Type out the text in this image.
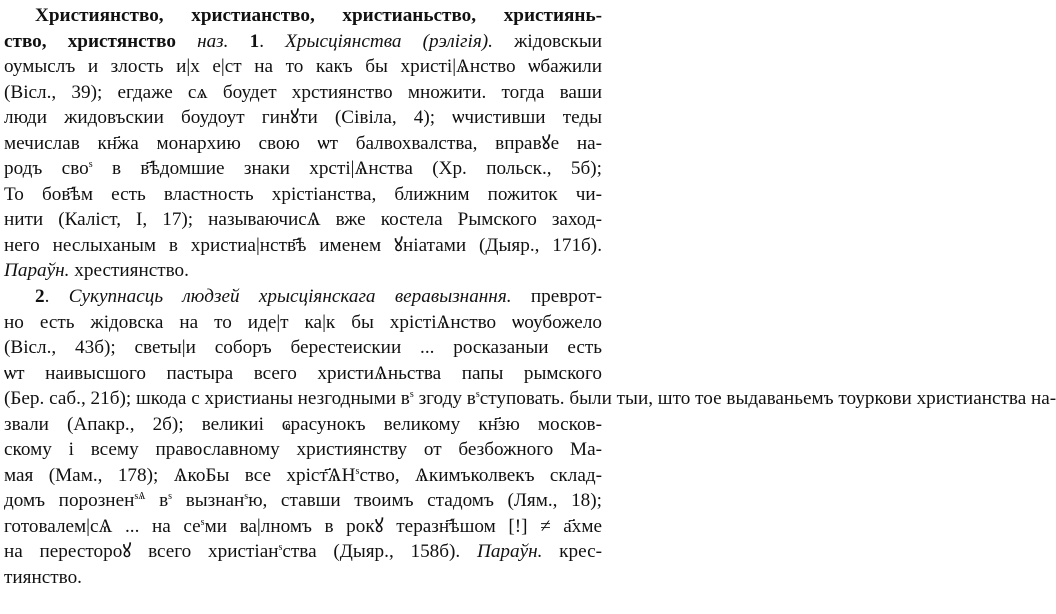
Християнство, христианство, христианьство, християнь-
ство, христянство наз. 1. Хрысціянства (рэлігія). жідовскыи
оумыслъ и злость и|х е|ст на то какъ бы христі|Ѧнство ѡбажили
(Вісл., 39); егдаже сѧ боудет хрстиянство множити. тогда ваши
люди жидовъскии боудоут гинꙋти (Сівіла, 4); ѡчистивши теды
мечислав кн҃жа монархию свою ѡт балвохвалства, вправꙋе на-
родъ сво$^s$ в в҃ѣдомшие знаки хрсті|Ѧнства (Хр. польск., 5б);
То бов҃ѣм есть властность хрістіанства, ближним пожиток чи-
нити (Каліст, I, 17); называючисѦ вже костела Рымского заход-
него неслыханым в христиа|нств҃ѣ именем ꙋніатами (Дыяр., 171б).
Параўн. хрестиянство.
2. Сукупнасць людзей хрысціянскага веравызнання. преврот-
но есть жідовска на то иде|т ка|к бы хрістіѦнство ѡоубожело
(Вісл., 43б); светы|и соборъ берестеискии ... росказаныи есть
ѡт наивысшого пастыра всего христиѦньства папы рымского
(Бер. саб., 21б); шкода с христианы незгодными $в^s$ згоду $в^sступовать$. были тыи, што тое выдаваньемъ тоуркови христианства на-
звали (Апакр., 2б); великиі ҩрасунокъ великому кн҃зю москов-
скому і всему православному християнству от безбожного Ма-
мая (Мам., 178); ѦкоБы все $хріст҃ѦН^sство$, Ѧкимъколвекъ склад-
домъ порознен$^{sѦ}$ $в^s$ вызнан$^s$ю, ставши твоимъ стадомъ (Лям., 18);
готовалем|сѦ ... на $се^sми$ ва|лномъ в рокꙋ теразн҃ѣшом [!] ≠ а҃хме
на перестороꙋ всего христіан$^s$ства (Дыяр., 158б). Параўн. крес-
тиянство.
